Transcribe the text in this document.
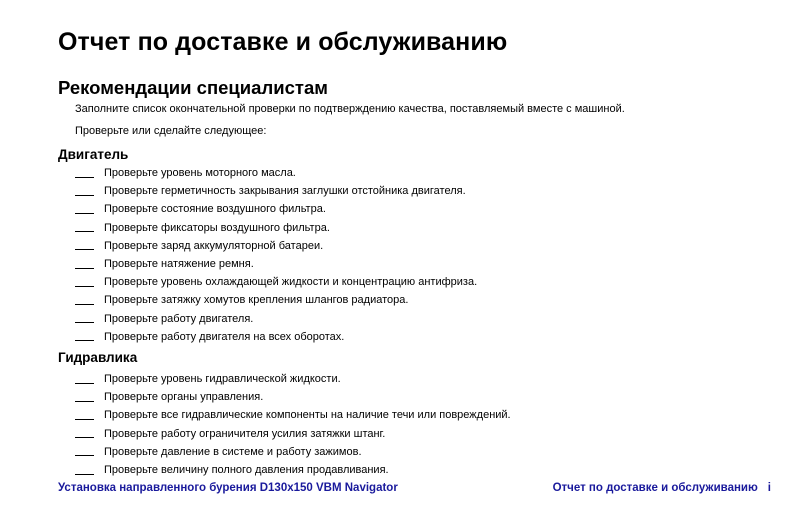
Отчет по доставке и обслуживанию
Рекомендации специалистам
Заполните список окончательной проверки по подтверждению качества, поставляемый вместе с машиной.
Проверьте или сделайте следующее:
Двигатель
Проверьте уровень моторного масла.
Проверьте герметичность закрывания заглушки отстойника двигателя.
Проверьте состояние воздушного фильтра.
Проверьте фиксаторы воздушного фильтра.
Проверьте заряд аккумуляторной батареи.
Проверьте натяжение ремня.
Проверьте уровень охлаждающей жидкости и концентрацию антифриза.
Проверьте затяжку хомутов крепления шлангов радиатора.
Проверьте работу двигателя.
Проверьте работу двигателя на всех оборотах.
Гидравлика
Проверьте уровень гидравлической жидкости.
Проверьте органы управления.
Проверьте все гидравлические компоненты на наличие течи или повреждений.
Проверьте работу ограничителя усилия затяжки штанг.
Проверьте давление в системе и работу зажимов.
Проверьте величину полного давления продавливания.
Установка направленного бурения D130x150 VBM Navigator	Отчет по доставке и обслуживанию i
